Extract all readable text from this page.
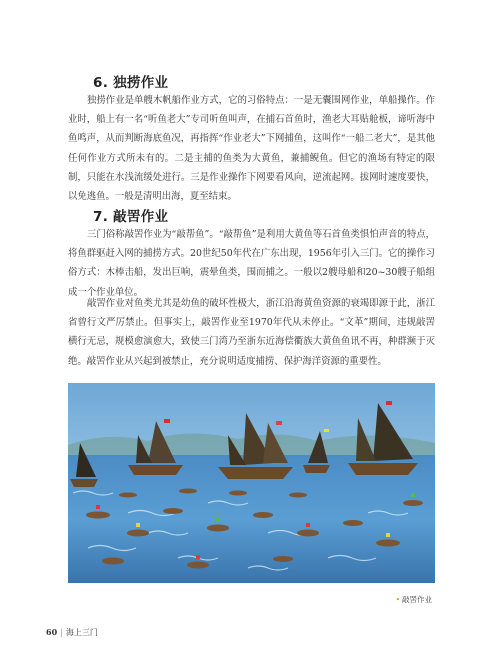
6. 独捞作业

独捞作业是单艘木帆船作业方式，它的习俗特点：一是无囊围网作业，单船操作。作业时，船上有一名“听鱼老大”专司听鱼叫声，在捕石首鱼时，渔老大耳贴舱板，谛听海中鱼鸣声，从而判断海底鱼况，再指挥“作业老大”下网捕鱼，这叫作“一船二老大”，是其他任何作业方式所未有的。二是主捕的鱼类为大黄鱼，兼捕鲵鱼。但它的渔场有特定的限制，只能在水浅流缓处进行。三是作业操作下网要看风向，逆流起网。拔网时速度要快，以免逃鱼。一般是清明出海，夏至结束。

7. 敲罟作业

三门俗称敲罟作业为“敲帮鱼”。“敲帮鱼”是利用大黄鱼等石首鱼类惧怕声音的特点，将鱼群驱赶入网的捕捞方式。20世纪50年代在广东出现，1956年引入三门。它的操作习俗方式：木棒击船，发出巨响，震晕鱼类，围而捕之。一般以2艘母船和20~30艘子船组成一个作业单位。

敲罟作业对鱼类尤其是幼鱼的破坏性极大，浙江沿海黄鱼资源的衰竭即源于此，浙江省曾行文严厉禁止。但事实上，敲罟作业至1970年代从未停止。“文革”期间，违规敲罟横行无忌，规模愈演愈大，致使三门湾乃至浙东近海偿衢族大黄鱼鱼讯不再，种群濒于灭绝。敲罟作业从兴起到被禁止，充分说明适度捕捞、保护海洋资源的重要性。

• 敲罟作业
60 | 海上三门
